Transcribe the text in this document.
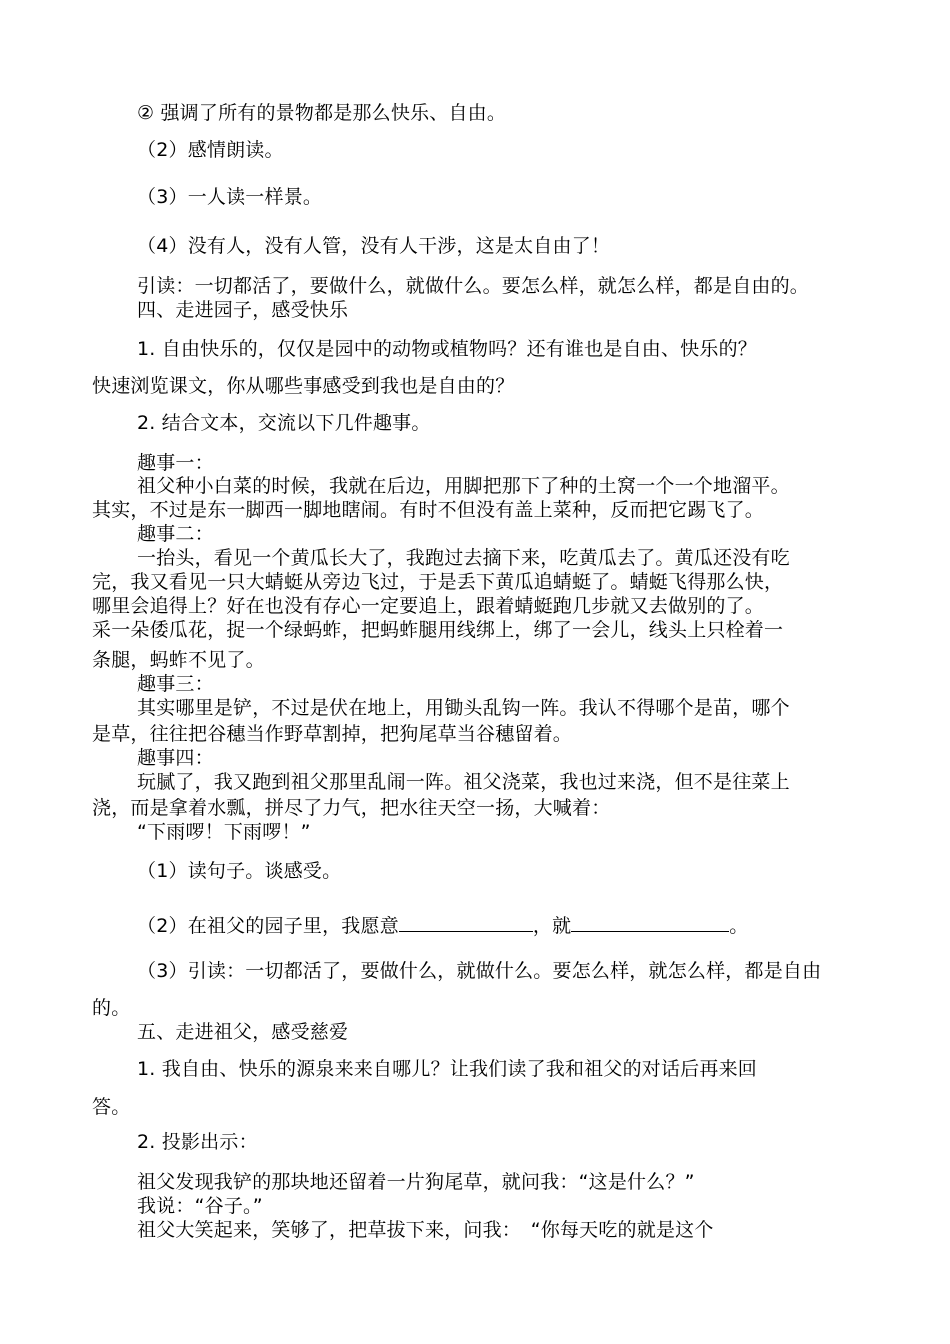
② 强调了所有的景物都是那么快乐、自由。
（2）感情朗读。
（3）一人读一样景。
（4）没有人，没有人管，没有人干涉，这是太自由了！
引读：一切都活了，要做什么，就做什么。要怎么样，就怎么样，都是自由的。
四、走进园子，感受快乐
1. 自由快乐的，仅仅是园中的动物或植物吗？还有谁也是自由、快乐的？
快速浏览课文，你从哪些事感受到我也是自由的？
2. 结合文本，交流以下几件趣事。
趣事一：
祖父种小白菜的时候，我就在后边，用脚把那下了种的土窝一个一个地溜平。
其实，不过是东一脚西一脚地瞎闹。有时不但没有盖上菜种，反而把它踢飞了。
趣事二：
一抬头，看见一个黄瓜长大了，我跑过去摘下来，吃黄瓜去了。黄瓜还没有吃
完，我又看见一只大蜻蜓从旁边飞过，于是丢下黄瓜追蜻蜓了。蜻蜓飞得那么快，
哪里会追得上？好在也没有存心一定要追上，跟着蜻蜓跑几步就又去做别的了。
采一朵倭瓜花，捉一个绿蚂蚱，把蚂蚱腿用线绑上，绑了一会儿，线头上只栓着一
条腿，蚂蚱不见了。
趣事三：
其实哪里是铲，不过是伏在地上，用锄头乱钩一阵。我认不得哪个是苗，哪个
是草，往往把谷穗当作野草割掉，把狗尾草当谷穗留着。
趣事四：
玩腻了，我又跑到祖父那里乱闹一阵。祖父浇菜，我也过来浇，但不是往菜上
浇，而是拿着水瓢，拼尽了力气，把水往天空一扬，大喊着：
“下雨啰！下雨啰！”
（1）读句子。谈感受。
（2）在祖父的园子里，我愿意	，就	。
（3）引读：一切都活了，要做什么，就做什么。要怎么样，就怎么样，都是自由
的。
五、走进祖父，感受慈爱
1. 我自由、快乐的源泉来来自哪儿？让我们读了我和祖父的对话后再来回
答。
2. 投影出示：
祖父发现我铲的那块地还留着一片狗尾草，就问我：“这是什么？”
我说：“谷子。”
祖父大笑起来，笑够了，把草拔下来，问我：　“你每天吃的就是这个
